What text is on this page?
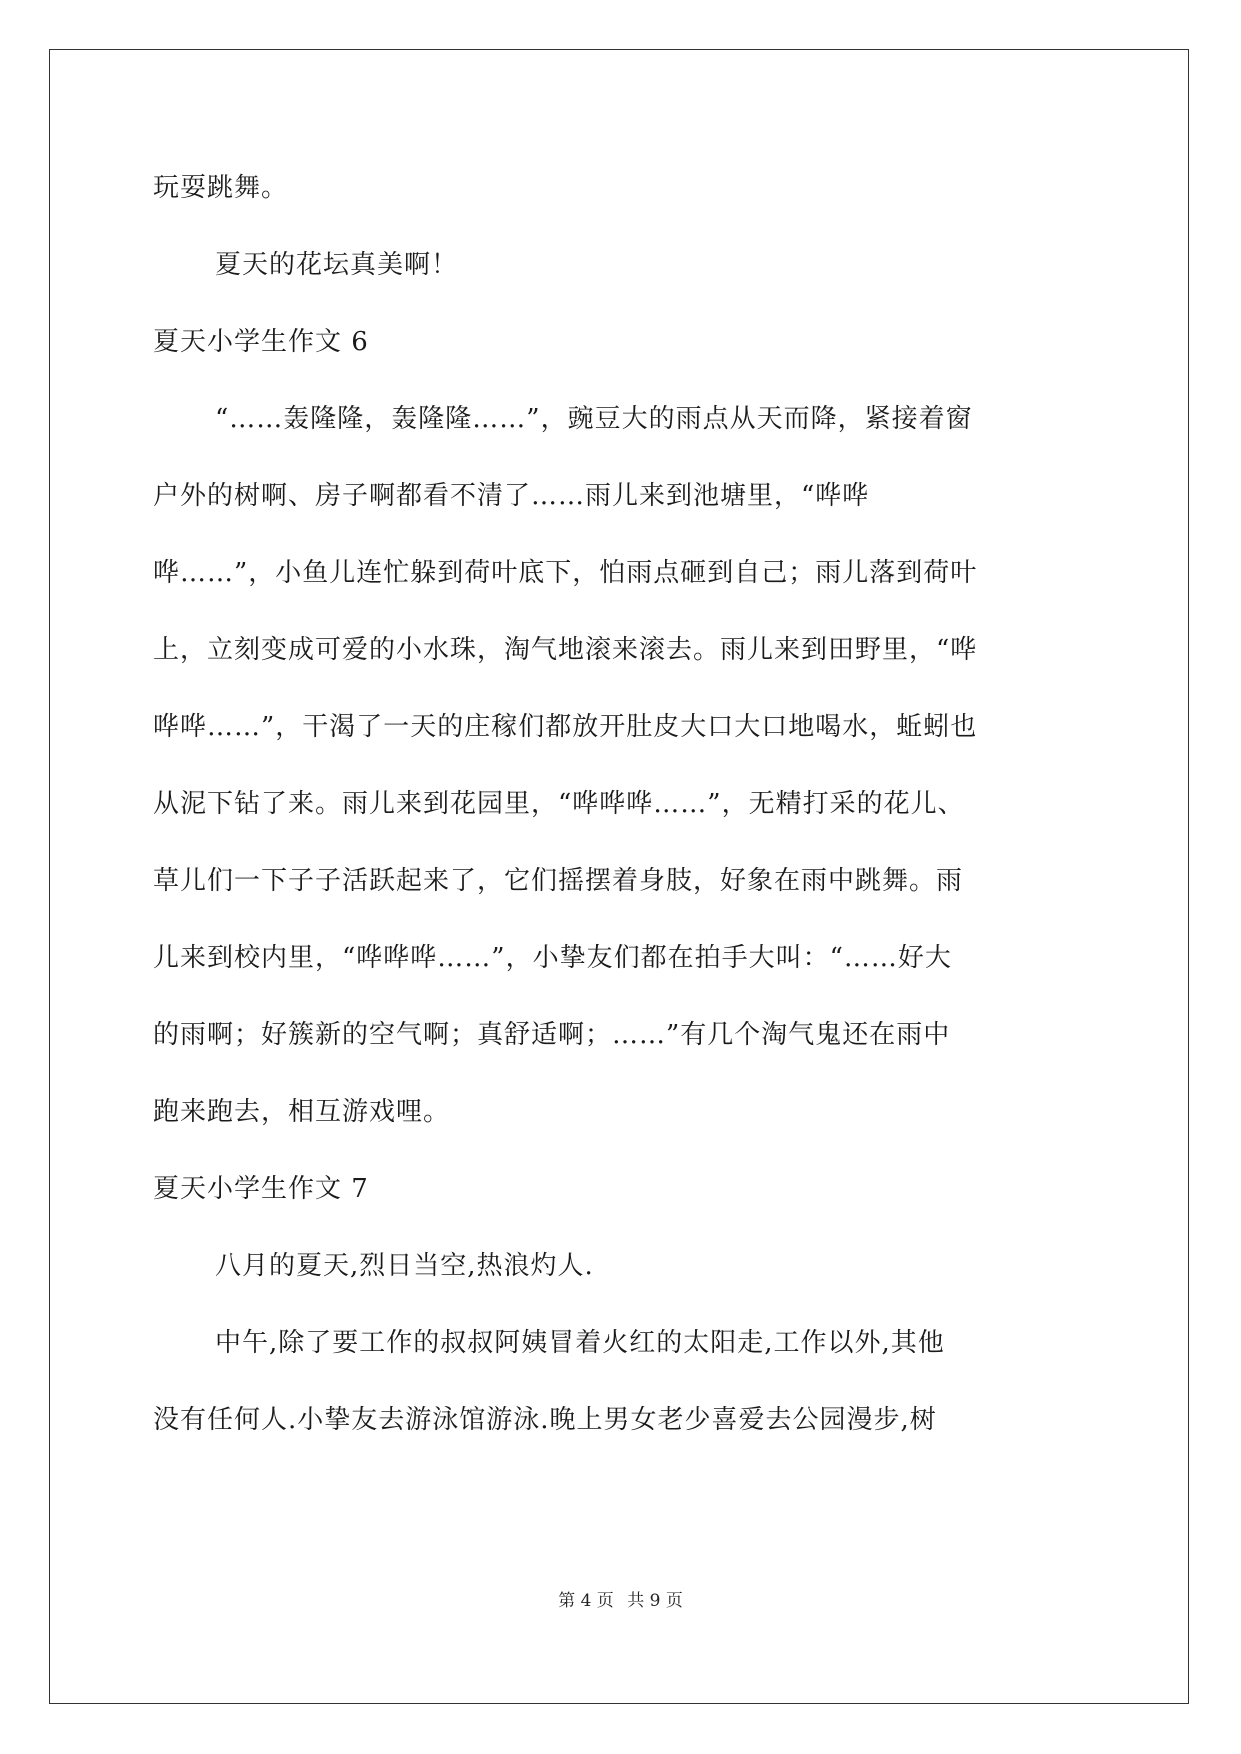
玩耍跳舞。
夏天的花坛真美啊！
夏天小学生作文 6
“……轰隆隆，轰隆隆……”，豌豆大的雨点从天而降，紧接着窗
户外的树啊、房子啊都看不清了……雨儿来到池塘里，“哗哗
哗……”，小鱼儿连忙躲到荷叶底下，怕雨点砸到自己；雨儿落到荷叶
上，立刻变成可爱的小水珠，淘气地滚来滚去。雨儿来到田野里，“哗
哗哗……”，干渴了一天的庄稼们都放开肚皮大口大口地喝水，蚯蚓也
从泥下钻了来。雨儿来到花园里，“哗哗哗……”，无精打采的花儿、
草儿们一下子子活跃起来了，它们摇摆着身肢，好象在雨中跳舞。雨
儿来到校内里，“哗哗哗……”，小挚友们都在拍手大叫：“……好大
的雨啊；好簇新的空气啊；真舒适啊；……”有几个淘气鬼还在雨中
跑来跑去，相互游戏哩。
夏天小学生作文 7
八月的夏天,烈日当空,热浪灼人.
中午,除了要工作的叔叔阿姨冒着火红的太阳走,工作以外,其他
没有任何人.小挚友去游泳馆游泳.晚上男女老少喜爱去公园漫步,树
第 4 页 共 9 页
